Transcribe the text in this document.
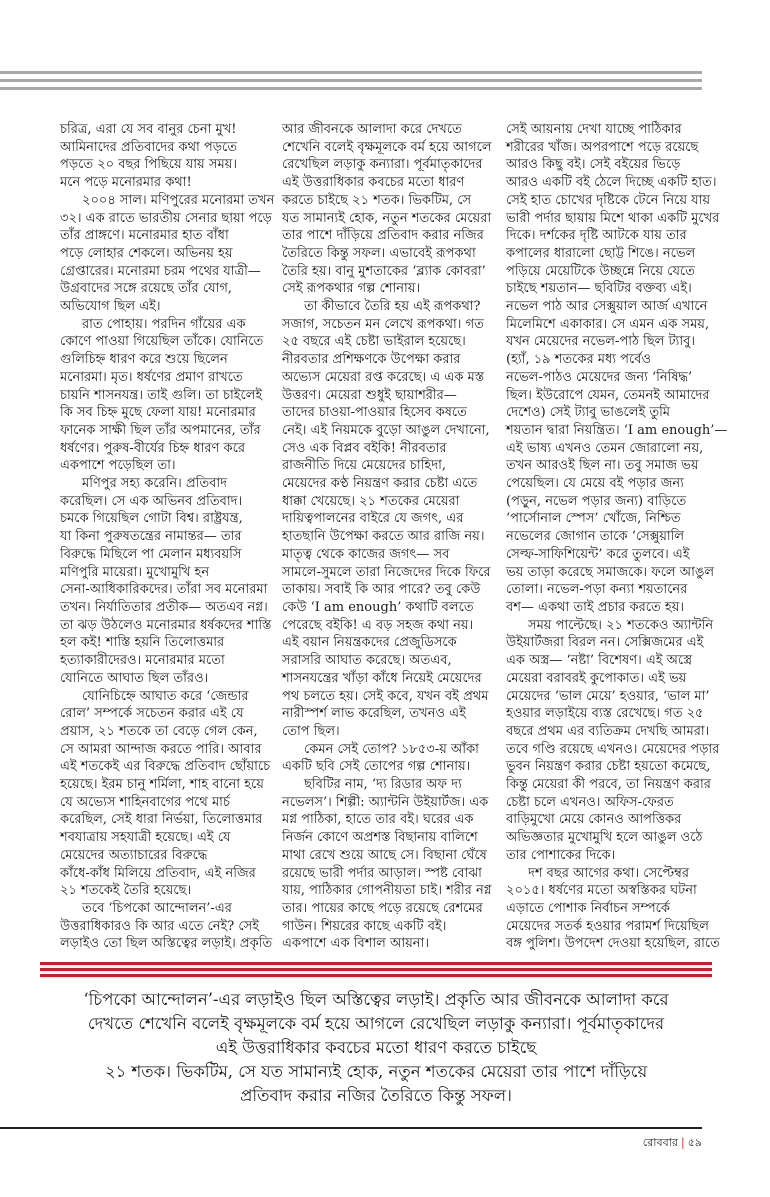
চরিত্র, এরা যে সব বানুর চেনা মুখ!
আমিনাদের প্রতিবাদের কথা পড়তে
পড়তে ২০ বছর পিছিয়ে যায় সময়।
মনে পড়ে মনোরমার কথা!
২০০৪ সাল। মণিপুরের মনোরমা তখন
৩২। এক রাতে ভারতীয় সেনার ছায়া পড়ে
তাঁর প্রাঙ্গণে। মনোরমার হাত বাঁধা
পড়ে লোহার শেকলে। অভিনয় হয়
গ্রেপ্তারের। মনোরমা চরম পথের যাত্রী—
উগ্রবাদের সঙ্গে রয়েছে তাঁর যোগ,
অভিযোগ ছিল এই।
রাত পোহায়। পরদিন গাঁয়ের এক
কোণে পাওয়া গিয়েছিল তাঁকে। যোনিতে
গুলিচিহ্ন ধারণ করে শুয়ে ছিলেন
মনোরমা। মৃত। ধর্ষণের প্রমাণ রাখতে
চায়নি শাসনযন্ত্র। তাই গুলি। তা চাইলেই
কি সব চিহ্ন মুছে ফেলা যায়! মনোরমার
ফানেক সাক্ষী ছিল তাঁর অপমানের, তাঁর
ধর্ষণের। পুরুষ-বীর্যের চিহ্ন ধারণ করে
একপাশে পড়েছিল তা।
মণিপুর সহ্য করেনি। প্রতিবাদ
করেছিল। সে এক অভিনব প্রতিবাদ।
চমকে গিয়েছিল গোটা বিশ্ব। রাষ্ট্রযন্ত্র,
যা কিনা পুরুষতন্ত্রের নামান্তর— তার
বিরুদ্ধে মিছিলে পা মেলান মধ্যবয়সি
মণিপুরি মায়েরা। মুখোমুখি হন
সেনা-আধিকারিকদের। তাঁরা সব মনোরমা
তখন। নির্যাতিতার প্রতীক— অতএব নগ্ন।
তা ঝড় উঠলেও মনোরমার ধর্ষকদের শাস্তি
হল কই! শাস্তি হয়নি তিলোত্তমার
হত্যাকারীদেরও। মনোরমার মতো
যোনিতে আঘাত ছিল তাঁরও।
যোনিচিহ্নে আঘাত করে ‘জেন্ডার
রোল’ সম্পর্কে সচেতন করার এই যে
প্রয়াস, ২১ শতকে তা বেড়ে গেল কেন,
সে আমরা আন্দাজ করতে পারি। আবার
এই শতকেই এর বিরুদ্ধে প্রতিবাদ ছোঁয়াচে
হয়েছে। ইরম চানু শর্মিলা, শাহ বানো হয়ে
যে অভ্যেস শাহিনবাগের পথে মার্চ
করেছিল, সেই ধারা নির্ভয়া, তিলোত্তমার
শবযাত্রায় সহযাত্রী হয়েছে। এই যে
মেয়েদের অত্যাচারের বিরুদ্ধে
কাঁধে-কাঁধ মিলিয়ে প্রতিবাদ, এই নজির
২১ শতকেই তৈরি হয়েছে।
তবে ‘চিপকো আন্দোলন’-এর
উত্তরাধিকারও কি আর এতে নেই? সেই
লড়াইও তো ছিল অস্তিত্বের লড়াই। প্রকৃতি
আর জীবনকে আলাদা করে দেখতে
শেখেনি বলেই বৃক্ষমূলকে বর্ম হয়ে আগলে
রেখেছিল লড়াকু কন্যারা। পূর্বমাতৃকাদের
এই উত্তরাধিকার কবচের মতো ধারণ
করতে চাইছে ২১ শতক। ভিকটিম, সে
যত সামান্যই হোক, নতুন শতকের মেয়েরা
তার পাশে দাঁড়িয়ে প্রতিবাদ করার নজির
তৈরিতে কিন্তু সফল। এভাবেই রূপকথা
তৈরি হয়। বানু মুশতাকের ‘ব্ল্যাক কোবরা’
সেই রূপকথার গল্প শোনায়।
তা কীভাবে তৈরি হয় এই রূপকথা?
সজাগ, সচেতন মন লেখে রূপকথা। গত
২৫ বছরে এই চেষ্টা ভাইরাল হয়েছে।
নীরবতার প্রশিক্ষণকে উপেক্ষা করার
অভ্যেস মেয়েরা রপ্ত করেছে। এ এক মস্ত
উত্তরণ। মেয়েরা শুধুই ছায়াশরীর—
তাদের চাওয়া-পাওয়ার হিসেব কষতে
নেই। এই নিয়মকে বুড়ো আঙুল দেখানো,
সেও এক বিপ্লব বইকি! নীরবতার
রাজনীতি দিয়ে মেয়েদের চাহিদা,
মেয়েদের কণ্ঠ নিয়ন্ত্রণ করার চেষ্টা এতে
ধাক্কা খেয়েছে। ২১ শতকের মেয়েরা
দায়িত্বপালনের বাইরে যে জগৎ, এর
হাতছানি উপেক্ষা করতে আর রাজি নয়।
মাতৃত্ব থেকে কাজের জগৎ— সব
সামলে-সুমলে তারা নিজেদের দিকে ফিরে
তাকায়। সবাই কি আর পারে? তবু কেউ
কেউ ‘I am enough’ কথাটি বলতে
পেরেছে বইকি! এ বড় সহজ কথা নয়।
এই বয়ান নিয়ন্ত্রকদের প্রেজুডিসকে
সরাসরি আঘাত করেছে। অতএব,
শাসনযন্ত্রের খাঁড়া কাঁধে নিয়েই মেয়েদের
পথ চলতে হয়। সেই কবে, যখন বই প্রথম
নারীস্পর্শ লাভ করেছিল, তখনও এই
তোপ ছিল।
কেমন সেই তোপ? ১৮৫৩-য় আঁকা
একটি ছবি সেই তোপের গল্প শোনায়।
ছবিটির নাম, ‘দ্য রিডার অফ দ্য
নভেলস’। শিল্পী: অ্যান্টনি উইয়ার্টজ। এক
মগ্ন পাঠিকা, হাতে তার বই। ঘরের এক
নির্জন কোণে অপ্রশস্ত বিছানায় বালিশে
মাথা রেখে শুয়ে আছে সে। বিছানা ঘেঁষে
রয়েছে ভারী পর্দার আড়াল। স্পষ্ট বোঝা
যায়, পাঠিকার গোপনীয়তা চাই। শরীর নগ্ন
তার। পায়ের কাছে পড়ে রয়েছে রেশমের
গাউন। শিয়রের কাছে একটি বই।
একপাশে এক বিশাল আয়না।
সেই আয়নায় দেখা যাচ্ছে পাঠিকার
শরীরের খাঁজ। অপরপাশে পড়ে রয়েছে
আরও কিছু বই। সেই বইয়ের ভিড়ে
আরও একটি বই ঠেলে দিচ্ছে একটি হাত।
সেই হাত চোখের দৃষ্টিকে টেনে নিয়ে যায়
ভারী পর্দার ছায়ায় মিশে থাকা একটি মুখের
দিকে। দর্শকের দৃষ্টি আটকে যায় তার
কপালের ধারালো ছোট্ট শিঙে। নভেল
পড়িয়ে মেয়েটিকে উচ্ছন্নে নিয়ে যেতে
চাইছে শয়তান— ছবিটির বক্তব্য এই।
নভেল পাঠ আর সেক্সুয়াল আর্জ এখানে
মিলেমিশে একাকার। সে এমন এক সময়,
যখন মেয়েদের নভেল-পাঠ ছিল ট্যাবু।
(হ্যাঁ, ১৯ শতকের মধ্য পর্বেও
নভেল-পাঠও মেয়েদের জন্য ‘নিষিদ্ধ’
ছিল। ইউরোপে যেমন, তেমনই আমাদের
দেশেও) সেই ট্যাবু ভাঙলেই তুমি
শয়তান দ্বারা নিয়ন্ত্রিত। ‘I am enough’—
এই ভাষ্য এখনও তেমন জোরালো নয়,
তখন আরওই ছিল না। তবু সমাজ ভয়
পেয়েছিল। যে মেয়ে বই পড়ার জন্য
(পড়ুন, নভেল পড়ার জন্য) বাড়িতে
‘পার্সোনাল স্পেস’ খোঁজে, নিশ্চিত
নভেলের জোগান তাকে ‘সেক্সুয়ালি
সেল্ফ-সাফিশিয়েন্ট’ করে তুলবে। এই
ভয় তাড়া করেছে সমাজকে। ফলে আঙুল
তোলা। নভেল-পড়া কন্যা শয়তানের
বশ— একথা তাই প্রচার করতে হয়।
সময় পাল্টেছে। ২১ শতকেও অ্যান্টনি
উইয়ার্টজরা বিরল নন। সেক্সিজমের এই
এক অস্ত্র— ‘নষ্টা’ বিশেষণ। এই অস্ত্রে
মেয়েরা বরাবরই কুপোকাত। এই ভয়
মেয়েদের ‘ভাল মেয়ে’ হওয়ার, ‘ভাল মা’
হওয়ার লড়াইয়ে ব্যস্ত রেখেছে। গত ২৫
বছরে প্রথম এর ব্যতিক্রম দেখছি আমরা।
তবে গণ্ডি রয়েছে এখনও। মেয়েদের পড়ার
ভুবন নিয়ন্ত্রণ করার চেষ্টা হয়তো কমেছে,
কিন্তু মেয়েরা কী পরবে, তা নিয়ন্ত্রণ করার
চেষ্টা চলে এখনও। অফিস-ফেরত
বাড়িমুখো মেয়ে কোনও আপত্তিকর
অভিজ্ঞতার মুখোমুখি হলে আঙুল ওঠে
তার পোশাকের দিকে।
দশ বছর আগের কথা। সেপ্টেম্বর
২০১৫। ধর্ষণের মতো অস্বস্তিকর ঘটনা
এড়াতে পোশাক নির্বাচন সম্পর্কে
মেয়েদের সতর্ক হওয়ার পরামর্শ দিয়েছিল
বঙ্গ পুলিশ। উপদেশ দেওয়া হয়েছিল, রাতে
‘চিপকো আন্দোলন’-এর লড়াইও ছিল অস্তিত্বের লড়াই। প্রকৃতি আর জীবনকে আলাদা করে
দেখতে শেখেনি বলেই বৃক্ষমূলকে বর্ম হয়ে আগলে রেখেছিল লড়াকু কন্যারা। পূর্বমাতৃকাদের
এই উত্তরাধিকার কবচের মতো ধারণ করতে চাইছে
২১ শতক। ভিকটিম, সে যত সামান্যই হোক, নতুন শতকের মেয়েরা তার পাশে দাঁড়িয়ে
প্রতিবাদ করার নজির তৈরিতে কিন্তু সফল।
রোববার | ৫৯
